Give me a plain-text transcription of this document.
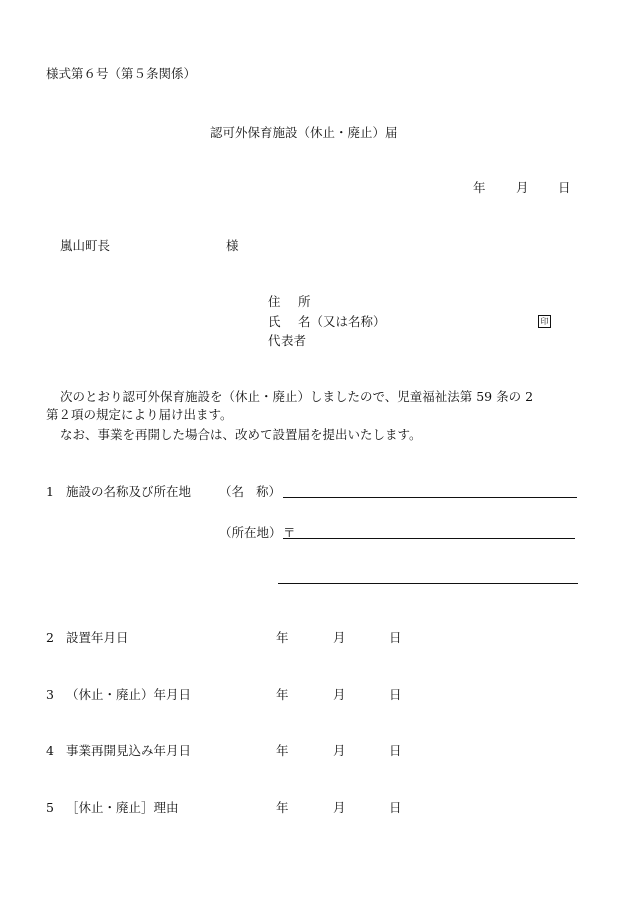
様式第６号（第５条関係）
認可外保育施設（休止・廃止）届
年 月 日
嵐山町長	様
住 所
氏 名（又は名称）	印
代 表者
次のとおり認可外保育施設を（休止・廃止）しましたので、児童福祉法第 59 条の 2
第２項の規定により届け出ます。
なお、事業を再開した場合は、改めて設置届を提出いたします。
1 施設の名称及び所在地 （名 称）
（所在地） 〒
2 設置年月日	年	月	日
3 （休止・廃止）年月日	年	月	日
4 事業再開見込み年月日	年	月	日
5 ［休止・廃止］理由	年	月	日
